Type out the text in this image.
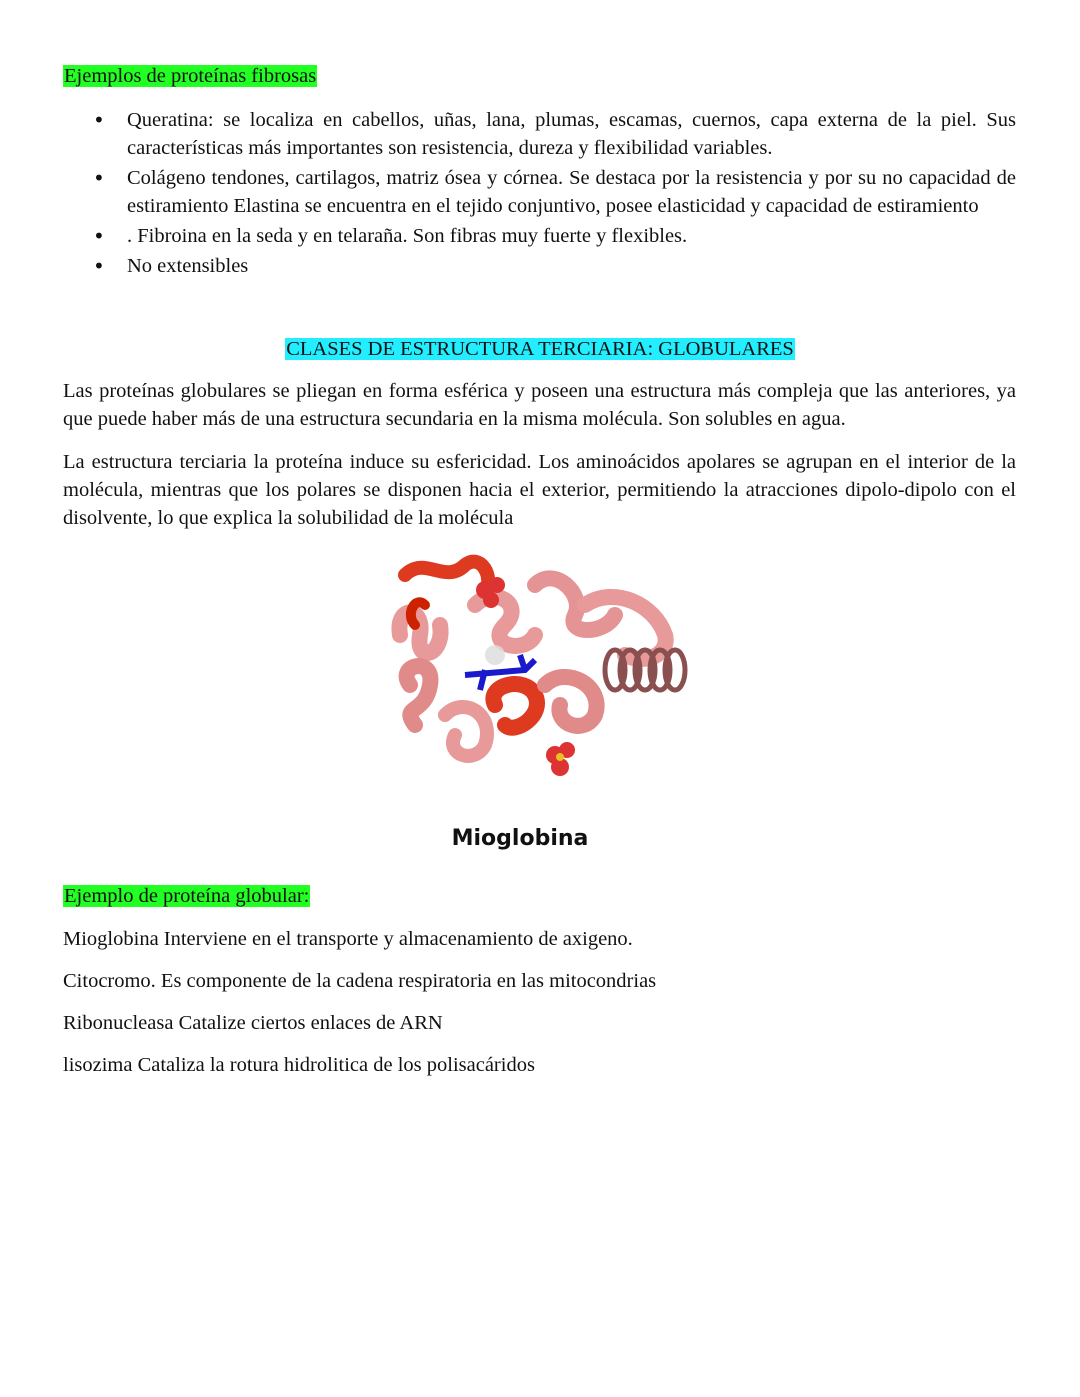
Ejemplos de proteínas fibrosas
• Queratina: se localiza en cabellos, uñas, lana, plumas, escamas, cuernos, capa externa de la piel. Sus características más importantes son resistencia, dureza y flexibilidad variables.
• Colágeno tendones, cartilagos, matriz ósea y córnea. Se destaca por la resistencia y por su no capacidad de estiramiento Elastina se encuentra en el tejido conjuntivo, posee elasticidad y capacidad de estiramiento
• . Fibroina en la seda y en telaraña. Son fibras muy fuerte y flexibles.
• No extensibles
CLASES DE ESTRUCTURA TERCIARIA: GLOBULARES

Las proteínas globulares se pliegan en forma esférica y poseen una estructura más compleja que las anteriores, ya que puede haber más de una estructura secundaria en la misma molécula. Son solubles en agua.

La estructura terciaria la proteína induce su esfericidad. Los aminoácidos apolares se agrupan en el interior de la molécula, mientras que los polares se disponen hacia el exterior, permitiendo la atracciones dipolo-dipolo con el disolvente, lo que explica la solubilidad de la molécula

Mioglobina
Ejemplo de proteína globular:
Mioglobina Interviene en el transporte y almacenamiento de axigeno.
Citocromo. Es componente de la cadena respiratoria en las mitocondrias
Ribonucleasa Catalize ciertos enlaces de ARN
lisozima Cataliza la rotura hidrolitica de los polisacáridos
